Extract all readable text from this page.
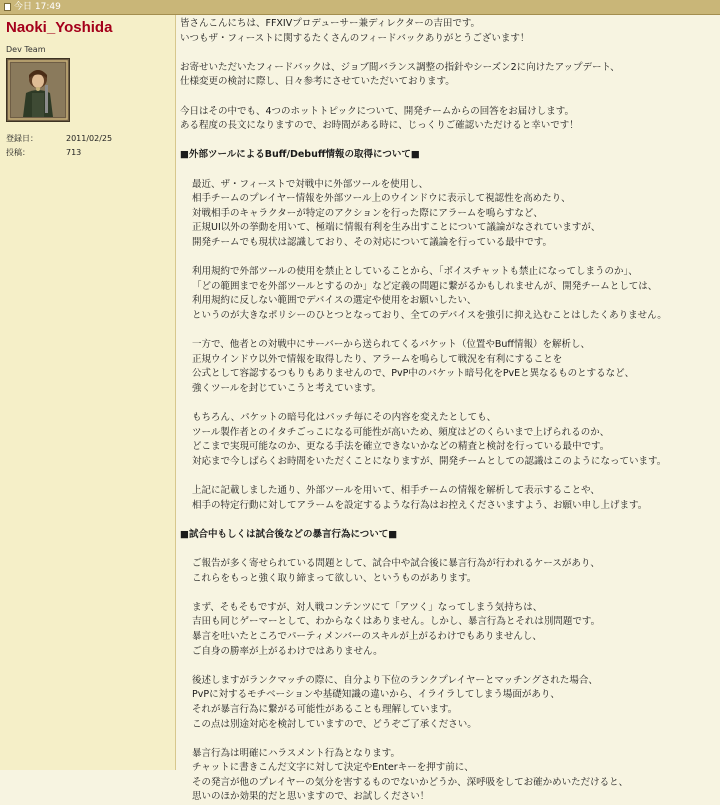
今日 17:49
Naoki_Yoshida
Dev Team
登録日：	2011/02/25
投稿：	713

皆さんこんにちは、FFXIVプロデューサー兼ディレクターの吉田です。
いつもザ・フィーストに関するたくさんのフィードバックありがとうございます！

お寄せいただいたフィードバックは、ジョブ間バランス調整の指針やシーズン2に向けたアップデート、
仕様変更の検討に際し、日々参考にさせていただいております。

今日はその中でも、4つのホットトピックについて、開発チームからの回答をお届けします。
ある程度の長文になりますので、お時間がある時に、じっくりご確認いただけると幸いです！

■外部ツールによるBuff/Debuff情報の取得について■

最近、ザ・フィーストで対戦中に外部ツールを使用し、
相手チームのプレイヤー情報を外部ツール上のウインドウに表示して視認性を高めたり、
対戦相手のキャラクターが特定のアクションを行った際にアラームを鳴らすなど、
正規UI以外の挙動を用いて、極端に情報有利を生み出すことについて議論がなされていますが、
開発チームでも現状は認識しており、その対応について議論を行っている最中です。

利用規約で外部ツールの使用を禁止としていることから、「ボイスチャットも禁止になってしまうのか」、
「どの範囲までを外部ツールとするのか」など定義の問題に繋がるかもしれませんが、開発チームとしては、
利用規約に反しない範囲でデバイスの選定や使用をお願いしたい、
というのが大きなポリシーのひとつとなっており、全てのデバイスを強引に抑え込むことはしたくありません。

一方で、他者との対戦中にサーバーから送られてくるパケット（位置やBuff情報）を解析し、
正規ウインドウ以外で情報を取得したり、アラームを鳴らして戦況を有利にすることを
公式として容認するつもりもありませんので、PvP中のパケット暗号化をPvEと異なるものとするなど、
強くツールを封じていこうと考えています。

もちろん、パケットの暗号化はパッチ毎にその内容を変えたとしても、
ツール製作者とのイタチごっこになる可能性が高いため、頻度はどのくらいまで上げられるのか、
どこまで実現可能なのか、更なる手法を確立できないかなどの精査と検討を行っている最中です。
対応まで今しばらくお時間をいただくことになりますが、開発チームとしての認識はこのようになっています。

上記に記載しました通り、外部ツールを用いて、相手チームの情報を解析して表示することや、
相手の特定行動に対してアラームを設定するような行為はお控えくださいますよう、お願い申し上げます。

■試合中もしくは試合後などの暴言行為について■

ご報告が多く寄せられている問題として、試合中や試合後に暴言行為が行われるケースがあり、
これらをもっと強く取り締まって欲しい、というものがあります。

まず、そもそもですが、対人戦コンテンツにて「アツく」なってしまう気持ちは、
吉田も同じゲーマーとして、わからなくはありません。しかし、暴言行為とそれは別問題です。
暴言を吐いたところでパーティメンバーのスキルが上がるわけでもありませんし、
ご自身の勝率が上がるわけではありません。

後述しますがランクマッチの際に、自分より下位のランクプレイヤーとマッチングされた場合、
PvPに対するモチベーションや基礎知識の違いから、イライラしてしまう場面があり、
それが暴言行為に繋がる可能性があることも理解しています。
この点は別途対応を検討していますので、どうぞご了承ください。

暴言行為は明確にハラスメント行為となります。
チャットに書きこんだ文字に対して決定やEnterキーを押す前に、
その発言が他のプレイヤーの気分を害するものでないかどうか、深呼吸をしてお確かめいただけると、
思いのほか効果的だと思いますので、お試しください！
